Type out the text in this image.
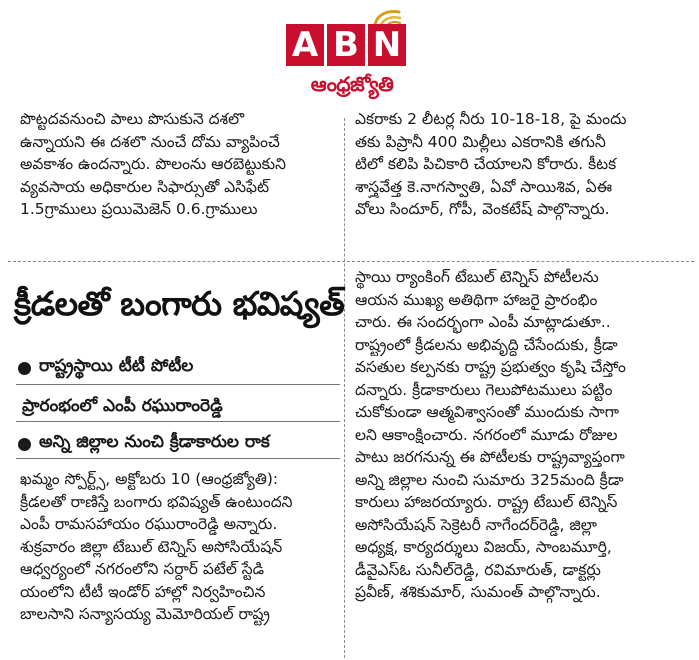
A B N
ఆంధ్రజ్యోతి
పొట్టదవనుంచి పాలు పొసుకునె దశలొ
ఉన్నాయని ఈ దశలొ నుంచే దోమ వ్యాపించే
అవకాశం ఉందన్నారు. పొలంను ఆరబెట్టుకుని
వ్యవసాయ అధికారుల సిఫార్సుతో ఎసిఫేట్
1.5గ్రాములు ప్రయిమెజెన్ 0.6.గ్రాములు
ఎకరాకు 2 లీటర్ల నీరు 10-18-18, పై మందు
తకు పిప్రానీ 400 మిల్లీలు ఎకరానికి తగునీ
టిలో కలిపి పిచికారి చేయాలని కోరారు. కీటక
శాస్త్రవేత్త కె.నాగస్వాతి, ఏవో సాయిశివ, ఏఈ
వోలు సిందూర్, గోపీ, వెంకటేష్ పాల్గొన్నారు.
క్రీడలతో బంగారు భవిష్యత్
రాష్ట్రస్థాయి టీటీ పోటీల
ప్రారంభంలో ఎంపీ రఘురాంరెడ్డి
అన్ని జిల్లాల నుంచి క్రీడాకారుల రాక
ఖమ్మం స్పోర్ట్స్, అక్టోబరు 10 (ఆంధ్రజ్యోతి):
క్రీడలతో రాణిస్తే బంగారు భవిష్యత్ ఉంటుందని
ఎంపీ రామసహాయం రఘురాంరెడ్డి అన్నారు.
శుక్రవారం జిల్లా టేబుల్ టెన్నిస్ అసోసియేషన్
ఆధ్వర్యంలో నగరంలోని సర్దార్ పటేల్ స్టేడి
యంలోని టీటీ ఇండోర్ హాల్లో నిర్వహించిన
బాలసాని సన్యాసయ్య మెమోరియల్ రాష్ట్ర
స్థాయి ర్యాంకింగ్ టేబుల్ టెన్నిస్ పోటీలను
ఆయన ముఖ్య అతిథిగా హాజరై ప్రారంభిం
చారు. ఈ సందర్భంగా ఎంపీ మాట్లాడుతూ..
రాష్ట్రంలో క్రీడలను అభివృద్ధి చేసేందుకు, క్రీడా
వసతుల కల్పనకు రాష్ట్ర ప్రభుత్వం కృషి చేస్తోం
దన్నారు. క్రీడాకారులు గెలుపోటములు పట్టిం
చుకోకుండా ఆత్మవిశ్వాసంతో ముందుకు సాగా
లని ఆకాంక్షించారు. నగరంలో మూడు రోజుల
పాటు జరగనున్న ఈ పోటీలకు రాష్ట్రవ్యాప్తంగా
అన్ని జిల్లాల నుంచి సుమారు 325మంది క్రీడా
కారులు హాజరయ్యారు. రాష్ట్ర టేబుల్ టెన్నిస్
అసోసియేషన్ సెక్రెటరీ నాగేందర్‌రెడ్డి, జిల్లా
అధ్యక్ష, కార్యదర్శులు విజయ్, సాంబమూర్తి,
డీవైఎస్ఓ సునీల్‌రెడ్డి, రవిమారుత్, డాక్టర్లు
ప్రవీణ్, శశికుమార్, సుమంత్ పాల్గొన్నారు.
